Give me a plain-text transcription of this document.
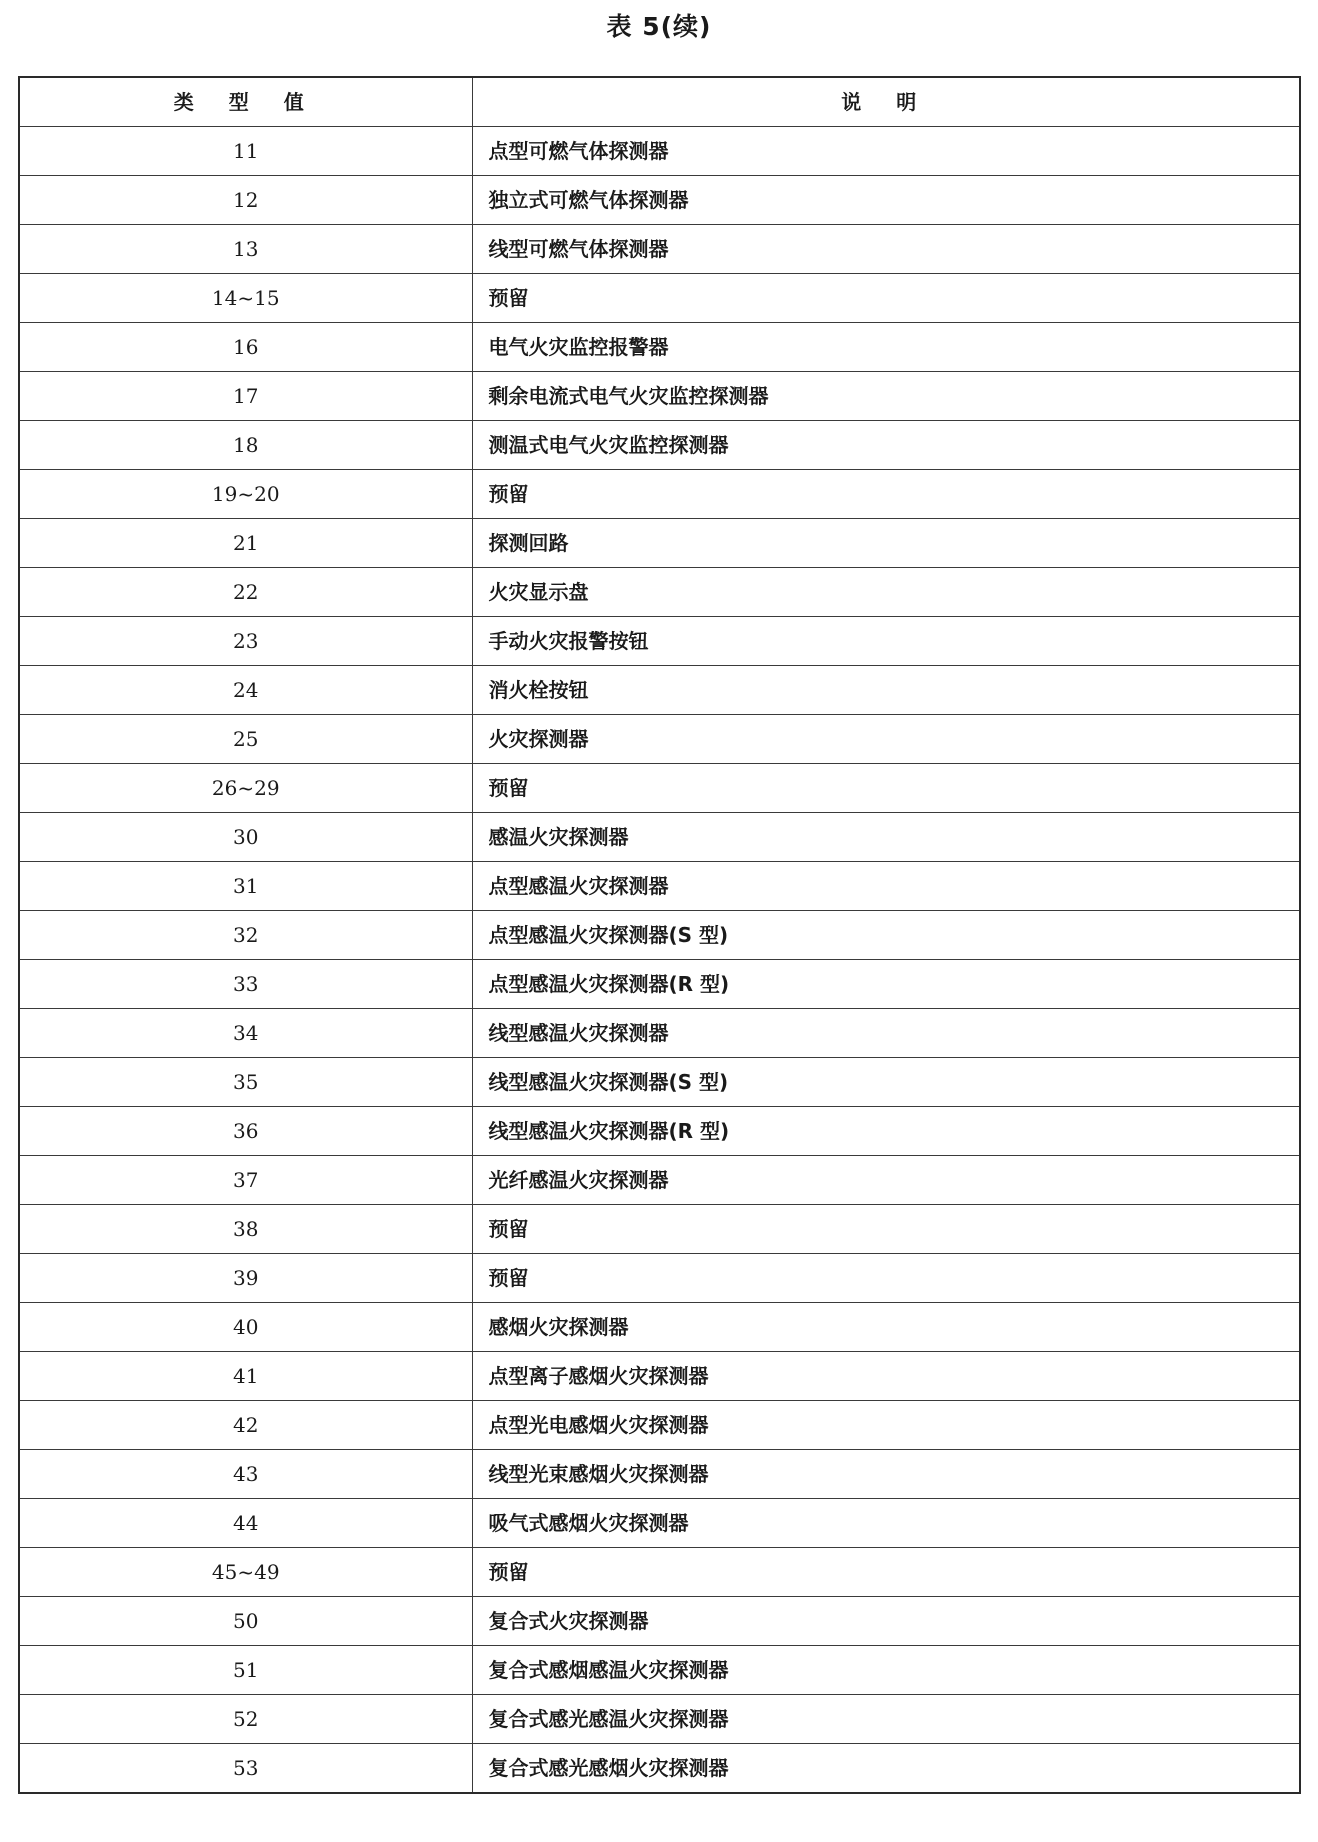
表 5(续)
类 型 值	说 明
11	点型可燃气体探测器
12	独立式可燃气体探测器
13	线型可燃气体探测器
14~15	预留
16	电气火灾监控报警器
17	剩余电流式电气火灾监控探测器
18	测温式电气火灾监控探测器
19~20	预留
21	探测回路
22	火灾显示盘
23	手动火灾报警按钮
24	消火栓按钮
25	火灾探测器
26~29	预留
30	感温火灾探测器
31	点型感温火灾探测器
32	点型感温火灾探测器(S 型)
33	点型感温火灾探测器(R 型)
34	线型感温火灾探测器
35	线型感温火灾探测器(S 型)
36	线型感温火灾探测器(R 型)
37	光纤感温火灾探测器
38	预留
39	预留
40	感烟火灾探测器
41	点型离子感烟火灾探测器
42	点型光电感烟火灾探测器
43	线型光束感烟火灾探测器
44	吸气式感烟火灾探测器
45~49	预留
50	复合式火灾探测器
51	复合式感烟感温火灾探测器
52	复合式感光感温火灾探测器
53	复合式感光感烟火灾探测器
